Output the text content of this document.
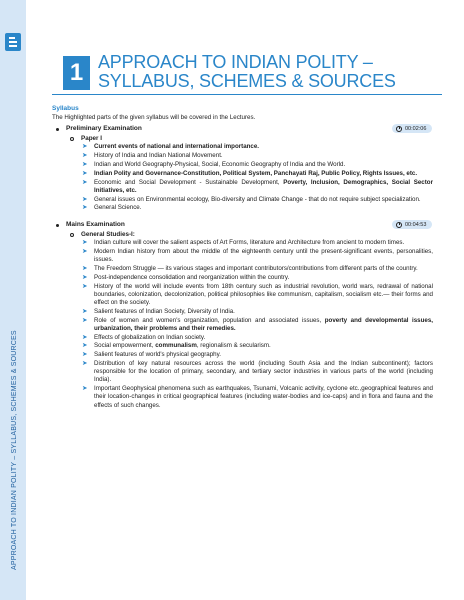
APPROACH TO INDIAN POLITY – SYLLABUS, SCHEMES & SOURCES
1 APPROACH TO INDIAN POLITY – SYLLABUS, SCHEMES & SOURCES
Syllabus
The Highlighted parts of the given syllabus will be covered in the Lectures.
Preliminary Examination	00:02:06
Paper I
➤ Current events of national and international importance.
➤ History of India and Indian National Movement.
➤ Indian and World Geography-Physical, Social, Economic Geography of India and the World.
➤ Indian Polity and Governance-Constitution, Political System, Panchayati Raj, Public Policy, Rights Issues, etc.
➤ Economic and Social Development - Sustainable Development, Poverty, Inclusion, Demographics, Social Sector Initiatives, etc.
➤ General issues on Environmental ecology, Bio-diversity and Climate Change - that do not require subject specialization.
➤ General Science.
Mains Examination	00:04:53
General Studies-I:
➤ Indian culture will cover the salient aspects of Art Forms, literature and Architecture from ancient to modern times.
➤ Modern Indian history from about the middle of the eighteenth century until the present-significant events, personalities, issues.
➤ The Freedom Struggle — its various stages and important contributors/contributions from different parts of the country.
➤ Post-independence consolidation and reorganization within the country.
➤ History of the world will include events from 18th century such as industrial revolution, world wars, redrawal of national boundaries, colonization, decolonization, political philosophies like communism, capitalism, socialism etc.— their forms and effect on the society.
➤ Salient features of Indian Society, Diversity of India.
➤ Role of women and women's organization, population and associated issues, poverty and developmental issues, urbanization, their problems and their remedies.
➤ Effects of globalization on Indian society.
➤ Social empowerment, communalism, regionalism & secularism.
➤ Salient features of world's physical geography.
➤ Distribution of key natural resources across the world (including South Asia and the Indian subcontinent); factors responsible for the location of primary, secondary, and tertiary sector industries in various parts of the world (including India).
➤ Important Geophysical phenomena such as earthquakes, Tsunami, Volcanic activity, cyclone etc.,geographical features and their location-changes in critical geographical features (including water-bodies and ice-caps) and in flora and fauna and the effects of such changes.
